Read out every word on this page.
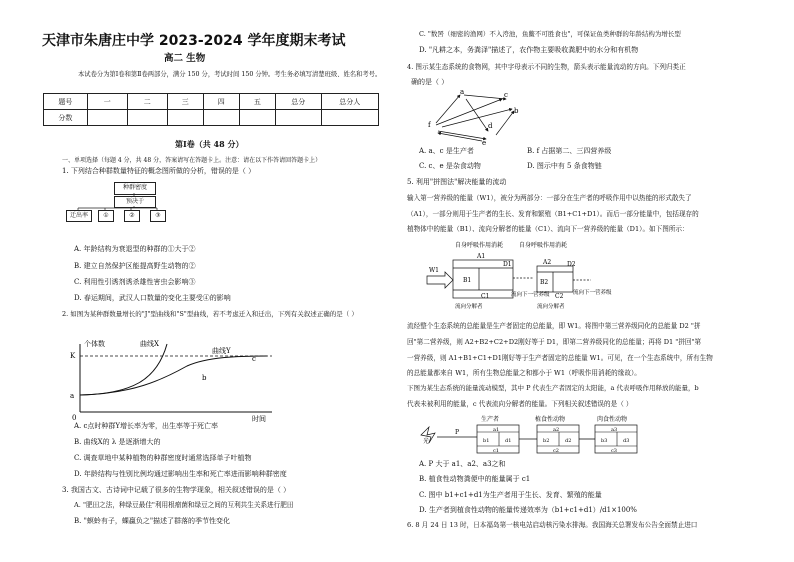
天津市朱唐庄中学 2023-2024 学年度期末考试
高二 生物
本试卷分为第Ⅰ卷和第Ⅱ卷两部分，满分 150 分，考试时间 150 分钟。考生务必填写清楚班级、姓名和考号。
题号	一	二	三	四	五	总分	总分人
分数							
第Ⅰ卷（共 48 分）
一、单项选择（每题 4 分，共 48 分，答案请写在答题卡上。注意：请在以下作答请回答题卡上）
1. 下列结合种群数量特征的概念图所做的分析，错误的是（ ）
种群密度
预决于
迁出率	①	②	③
A. 年龄结构为衰退型的种群的①大于②
B. 建立自然保护区能提高野生动物的②
C. 利用性引诱剂诱杀雄性害虫会影响③
D. 春运期间，武汉人口数量的变化主要受④的影响
2. 如图为某种群数量增长的"J"型曲线和"S"型曲线，若不考虑迁入和迁出，下列有关叙述正确的是（ ）
个体数	曲线X
曲线Y
K
a
b
c
0	时间
A. c点时种群Y增长率为零，出生率等于死亡率
B. 曲线X的 λ 是逐渐增大的
C. 调查草地中某种植物的种群密度时通常选择单子叶植物
D. 年龄结构与性别比例均通过影响出生率和死亡率进而影响种群密度
3. 我国古文、古诗词中记载了很多的生物学现象，相关叙述错误的是（ ）
A. "肥田之法，种绿豆最佳"利用根瘤菌和绿豆之间的互利共生关系进行肥田
B. "螟蛉有子，蜾蠃负之"描述了群落的季节性变化
C. "数罟（细密的渔网）不入洿池，鱼鳖不可胜食也"，可保证鱼类种群的年龄结构为增长型
D. "凡耕之本，务粪泽"描述了，农作物主要吸收粪肥中的水分和有机物
4. 图示某生态系统的食物网，其中字母表示不同的生物，箭头表示能量流动的方向。下列归类正
确的是（ ）
a
b
c
d
e
f
A. a、c 是生产者	B. f 占据第二、三四营养级
C. c、e 是杂食动物	D. 图示中有 5 条食物链
5. 利用"拼图法"解决能量的流动
输入第一营养级的能量（W1），被分为两部分：一部分在生产者的呼吸作用中以热能的形式散失了
（A1），一部分则用于生产者的生长、发育和繁殖（B1+C1+D1）。而后一部分能量中，包括现存的
植物体中的能量（B1）、流向分解者的能量（C1）、流向下一营养级的能量（D1）。如下图所示：
自身呼吸作用消耗	自身呼吸作用消耗
W1
A1
B1
C1
D1
流向下一营养级
流向分解者
A2
B2
C2
D2
流向下一营养级
流向分解者
流经整个生态系统的总能量是生产者固定的总能量，即 W1。将图中第三营养级同化的总能量 D2 "拼
回"第二营养级，则 A2+B2+C2+D2刚好等于 D1，即第二营养级同化的总能量；再将 D1 "拼回"第
一营养级，则 A1+B1+C1+D1刚好等于生产者固定的总能量 W1。可见，在一个生态系统中，所有生物
的总能量都来自 W1，所有生物总能量之和都小于 W1（呼吸作用消耗的缘故）。
下图为某生态系统的能量流动模型，其中 P 代表生产者固定的太阳能，a 代表呼吸作用释放的能量，b
代表未被利用的能量，c 代表流向分解者的能量。下列相关叙述错误的是（ ）
光
P
生产者
a1
b1
c1
d1
植食性动物
a2
b2
c2
d2
肉食性动物
a3
b3
c3
d3
A. P 大于 a1、a2、a3之和
B. 植食性动物粪便中的能量属于 c1
C. 图中 b1+c1+d1为生产者用于生长、发育、繁殖的能量
D. 生产者到植食性动物的能量传递效率为（b1+c1+d1）/d1×100%
6. 8 月 24 日 13 时，日本福岛第一核电站启动核污染水排海。我国海关总署发布公告全面禁止进口
